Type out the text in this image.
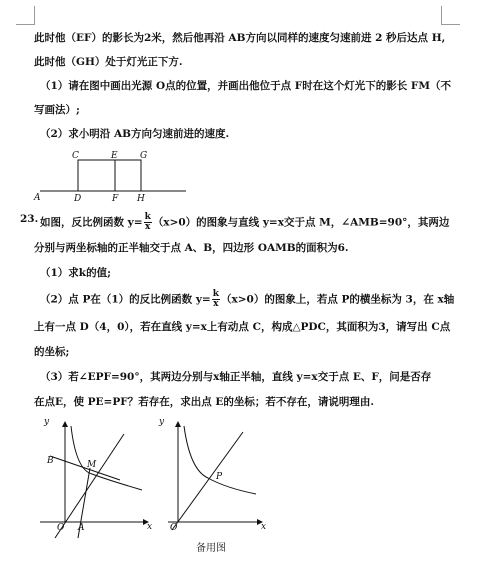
此时他（EF）的影长为2米，然后他再沿 AB方向以同样的速度匀速前进 2 秒后达点 H,
此时他（GH）处于灯光正下方.
（1）请在图中画出光源 O点的位置，并画出他位于点 F时在这个灯光下的影长 FM（不
写画法）;
（2）求小明沿 AB方向匀速前进的速度.
A
C
D
E
F
G
H
23. 如图，反比例函数 $y= \frac{k}{x} (x>0)$的图象与直线 y=x交于点 M，∠AMB=90°，其两边
分别与两坐标轴的正半轴交于点 A、B，四边形 OAMB的面积为6.
（1）求k的值;
（2）点 P在（1）的反比例函数 $y= \frac{k}{x} (x>0)$的图象上，若点 P的横坐标为 3，在 x轴
上有一点 D（4，0），若在直线 y=x上有动点 C，构成△PDC，其面积为3，请写出 C点
的坐标;
（3）若∠EPF=90°，其两边分别与x轴正半轴，直线 y=x交于点 E、F，问是否存
在点E，使 PE=PF？若存在，求出点 E的坐标；若不存在，请说明理由.
y
x
O A
B	M
y
x
O
P
备用图
